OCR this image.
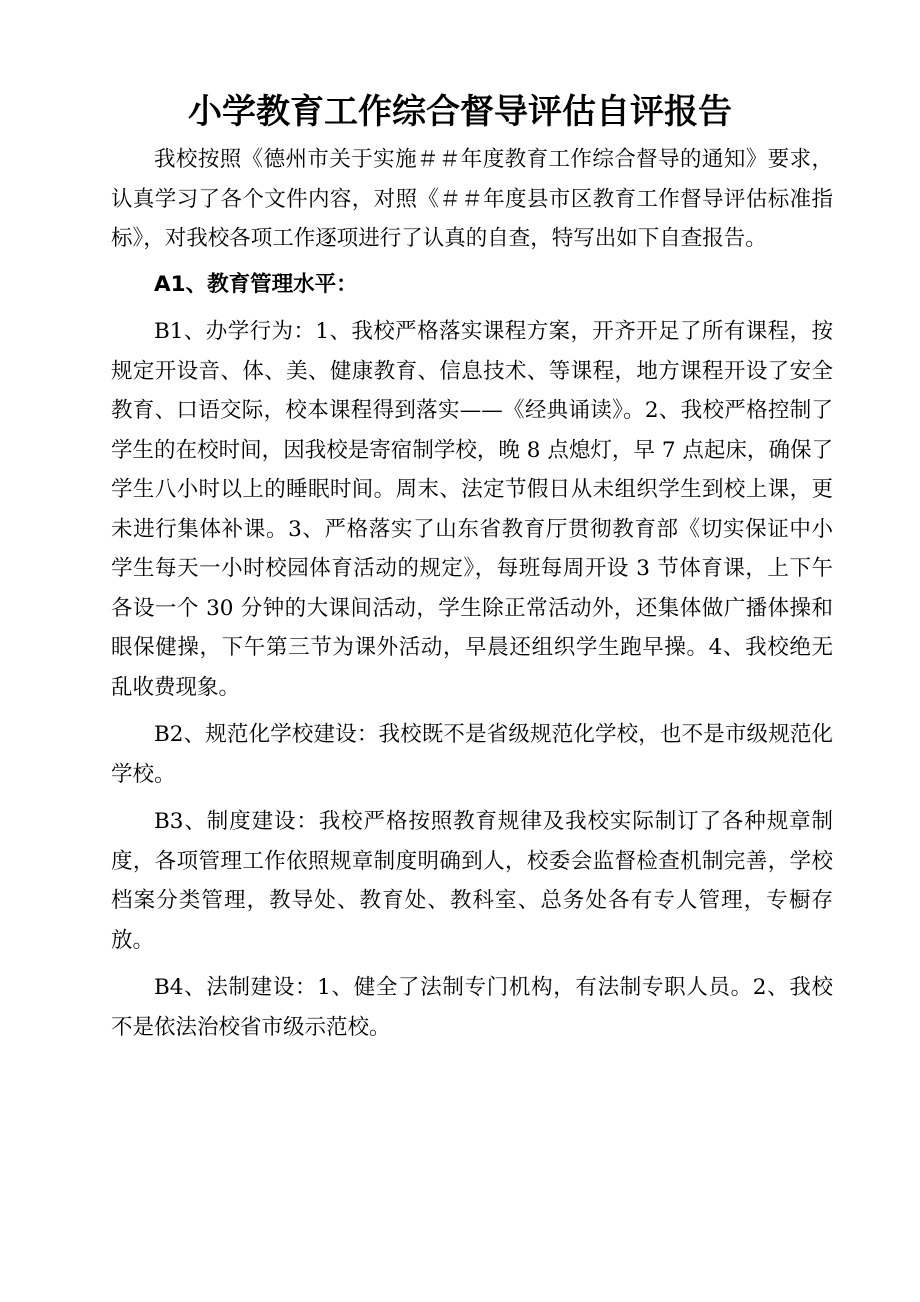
小学教育工作综合督导评估自评报告

我校按照《德州市关于实施＃＃年度教育工作综合督导的通知》要求，认真学习了各个文件内容，对照《＃＃年度县市区教育工作督导评估标准指标》，对我校各项工作逐项进行了认真的自查，特写出如下自查报告。

A1、教育管理水平：

B1、办学行为：1、我校严格落实课程方案，开齐开足了所有课程，按规定开设音、体、美、健康教育、信息技术、等课程，地方课程开设了安全教育、口语交际，校本课程得到落实——《经典诵读》。2、我校严格控制了学生的在校时间，因我校是寄宿制学校，晚 8 点熄灯，早 7 点起床，确保了学生八小时以上的睡眠时间。周末、法定节假日从未组织学生到校上课，更未进行集体补课。3、严格落实了山东省教育厅贯彻教育部《切实保证中小学生每天一小时校园体育活动的规定》，每班每周开设 3 节体育课，上下午各设一个 30 分钟的大课间活动，学生除正常活动外，还集体做广播体操和眼保健操，下午第三节为课外活动，早晨还组织学生跑早操。4、我校绝无乱收费现象。

B2、规范化学校建设：我校既不是省级规范化学校，也不是市级规范化学校。

B3、制度建设：我校严格按照教育规律及我校实际制订了各种规章制度，各项管理工作依照规章制度明确到人，校委会监督检查机制完善，学校档案分类管理，教导处、教育处、教科室、总务处各有专人管理，专橱存放。

B4、法制建设：1、健全了法制专门机构，有法制专职人员。2、我校不是依法治校省市级示范校。
